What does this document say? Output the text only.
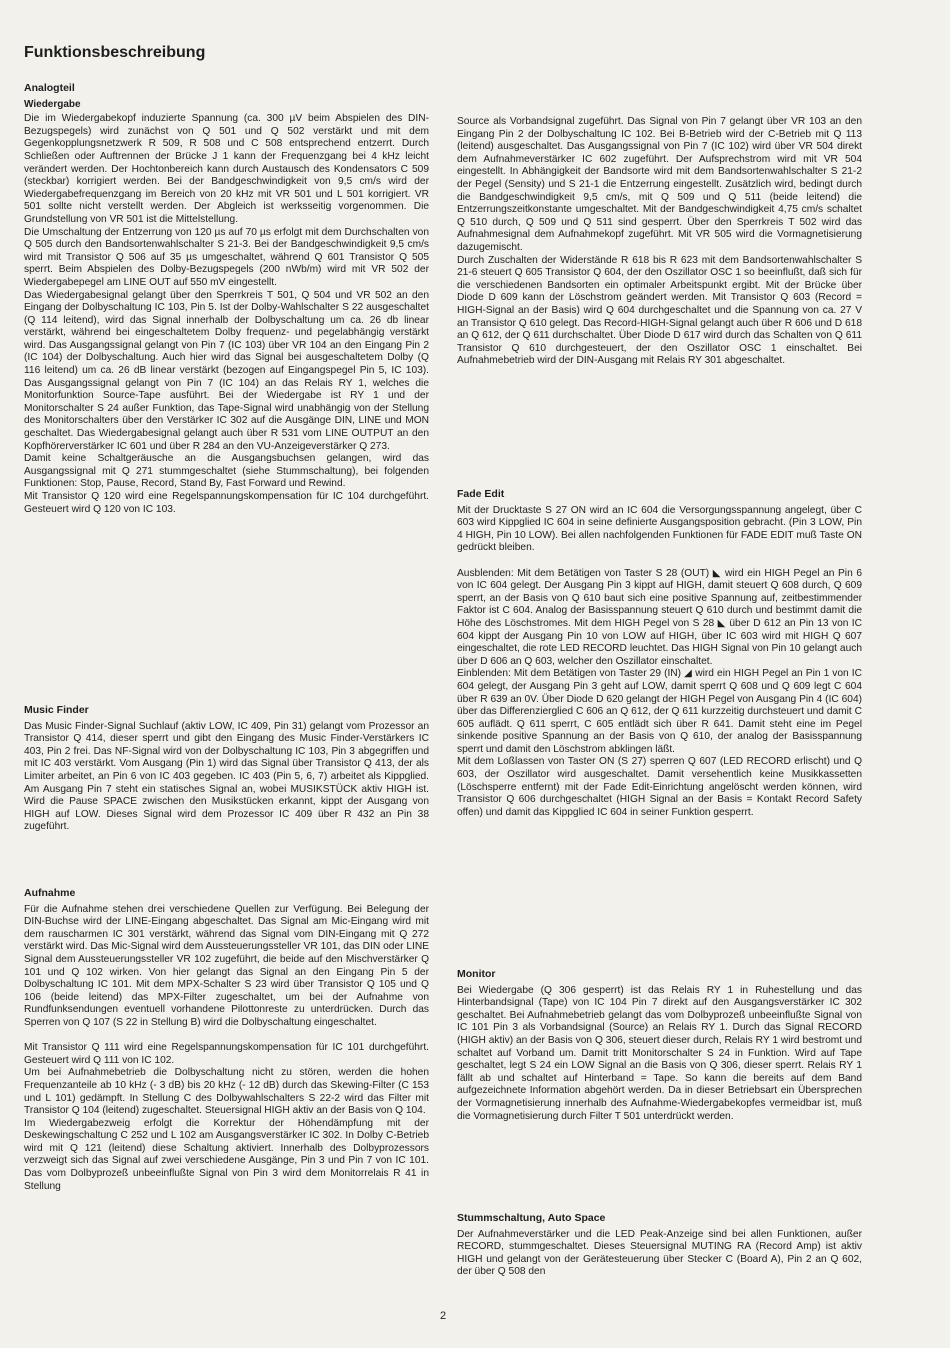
Funktionsbeschreibung
Analogteil
Wiedergabe

Die im Wiedergabekopf induzierte Spannung (ca. 300 µV beim Abspielen des DIN-Bezugspegels) wird zunächst von Q 501 und Q 502 verstärkt und mit dem Gegenkopplungsnetzwerk R 509, R 508 und C 508 entsprechend entzerrt. Durch Schließen oder Auftrennen der Brücke J 1 kann der Frequenzgang bei 4 kHz leicht verändert werden. Der Hochtonbereich kann durch Austausch des Kondensators C 509 (steckbar) korrigiert werden. Bei der Bandgeschwindigkeit von 9,5 cm/s wird der Wiedergabefrequenzgang im Bereich von 20 kHz mit VR 501 und L 501 korrigiert. VR 501 sollte nicht verstellt werden. Der Abgleich ist werksseitig vorgenommen. Die Grundstellung von VR 501 ist die Mittelstellung.
Die Umschaltung der Entzerrung von 120 µs auf 70 µs erfolgt mit dem Durchschalten von Q 505 durch den Bandsortenwahlschalter S 21-3. Bei der Bandgeschwindigkeit 9,5 cm/s wird mit Transistor Q 506 auf 35 µs umgeschaltet, während Q 601 Transistor Q 505 sperrt. Beim Abspielen des Dolby-Bezugspegels (200 nWb/m) wird mit VR 502 der Wiedergabepegel am LINE OUT auf 550 mV eingestellt.
Das Wiedergabesignal gelangt über den Sperrkreis T 501, Q 504 und VR 502 an den Eingang der Dolbyschaltung IC 103, Pin 5. Ist der Dolby-Wahlschalter S 22 ausgeschaltet (Q 114 leitend), wird das Signal innerhalb der Dolbyschaltung um ca. 26 db linear verstärkt, während bei eingeschaltetem Dolby frequenz- und pegelabhängig verstärkt wird. Das Ausgangssignal gelangt von Pin 7 (IC 103) über VR 104 an den Eingang Pin 2 (IC 104) der Dolbyschaltung. Auch hier wird das Signal bei ausgeschaltetem Dolby (Q 116 leitend) um ca. 26 dB linear verstärkt (bezogen auf Eingangspegel Pin 5, IC 103). Das Ausgangssignal gelangt von Pin 7 (IC 104) an das Relais RY 1, welches die Monitorfunktion Source-Tape ausführt. Bei der Wiedergabe ist RY 1 und der Monitorschalter S 24 außer Funktion, das Tape-Signal wird unabhängig von der Stellung des Monitorschalters über den Verstärker IC 302 auf die Ausgänge DIN, LINE und MON geschaltet. Das Wiedergabesignal gelangt auch über R 531 vom LINE OUTPUT an den Kopfhörerverstärker IC 601 und über R 284 an den VU-Anzeigeverstärker Q 273.
Damit keine Schaltgeräusche an die Ausgangsbuchsen gelangen, wird das Ausgangssignal mit Q 271 stummgeschaltet (siehe Stummschaltung), bei folgenden Funktionen: Stop, Pause, Record, Stand By, Fast Forward und Rewind.
Mit Transistor Q 120 wird eine Regelspannungskompensation für IC 104 durchgeführt. Gesteuert wird Q 120 von IC 103.

Music Finder

Das Music Finder-Signal Suchlauf (aktiv LOW, IC 409, Pin 31) gelangt vom Prozessor an Transistor Q 414, dieser sperrt und gibt den Eingang des Music Finder-Verstärkers IC 403, Pin 2 frei. Das NF-Signal wird von der Dolbyschaltung IC 103, Pin 3 abgegriffen und mit IC 403 verstärkt. Vom Ausgang (Pin 1) wird das Signal über Transistor Q 413, der als Limiter arbeitet, an Pin 6 von IC 403 gegeben. IC 403 (Pin 5, 6, 7) arbeitet als Kippglied. Am Ausgang Pin 7 steht ein statisches Signal an, wobei MUSIKSTÜCK aktiv HIGH ist. Wird die Pause SPACE zwischen den Musikstücken erkannt, kippt der Ausgang von HIGH auf LOW. Dieses Signal wird dem Prozessor IC 409 über R 432 an Pin 38 zugeführt.

Aufnahme

Für die Aufnahme stehen drei verschiedene Quellen zur Verfügung. Bei Belegung der DIN-Buchse wird der LINE-Eingang abgeschaltet. Das Signal am Mic-Eingang wird mit dem rauscharmen IC 301 verstärkt, während das Signal vom DIN-Eingang mit Q 272 verstärkt wird. Das Mic-Signal wird dem Aussteuerungssteller VR 101, das DIN oder LINE Signal dem Aussteuerungssteller VR 102 zugeführt, die beide auf den Mischverstärker Q 101 und Q 102 wirken. Von hier gelangt das Signal an den Eingang Pin 5 der Dolbyschaltung IC 101. Mit dem MPX-Schalter S 23 wird über Transistor Q 105 und Q 106 (beide leitend) das MPX-Filter zugeschaltet, um bei der Aufnahme von Rundfunksendungen eventuell vorhandene Pilottonreste zu unterdrücken. Durch das Sperren von Q 107 (S 22 in Stellung B) wird die Dolbyschaltung eingeschaltet.

Mit Transistor Q 111 wird eine Regelspannungskompensation für IC 101 durchgeführt. Gesteuert wird Q 111 von IC 102.
Um bei Aufnahmebetrieb die Dolbyschaltung nicht zu stören, werden die hohen Frequenzanteile ab 10 kHz (- 3 dB) bis 20 kHz (- 12 dB) durch das Skewing-Filter (C 153 und L 101) gedämpft. In Stellung C des Dolbywahlschalters S 22-2 wird das Filter mit Transistor Q 104 (leitend) zugeschaltet. Steuersignal HIGH aktiv an der Basis von Q 104.
Im Wiedergabezweig erfolgt die Korrektur der Höhendämpfung mit der Deskewingschaltung C 252 und L 102 am Ausgangsverstärker IC 302. In Dolby C-Betrieb wird mit Q 121 (leitend) diese Schaltung aktiviert. Innerhalb des Dolbyprozessors verzweigt sich das Signal auf zwei verschiedene Ausgänge, Pin 3 und Pin 7 von IC 101. Das vom Dolbyprozeß unbeeinflußte Signal von Pin 3 wird dem Monitorrelais R 41 in Stellung

Source als Vorbandsignal zugeführt. Das Signal von Pin 7 gelangt über VR 103 an den Eingang Pin 2 der Dolbyschaltung IC 102. Bei B-Betrieb wird der C-Betrieb mit Q 113 (leitend) ausgeschaltet. Das Ausgangssignal von Pin 7 (IC 102) wird über VR 504 direkt dem Aufnahmeverstärker IC 602 zugeführt. Der Aufsprechstrom wird mit VR 504 eingestellt. In Abhängigkeit der Bandsorte wird mit dem Bandsortenwahlschalter S 21-2 der Pegel (Sensity) und S 21-1 die Entzerrung eingestellt. Zusätzlich wird, bedingt durch die Bandgeschwindigkeit 9,5 cm/s, mit Q 509 und Q 511 (beide leitend) die Entzerrungszeitkonstante umgeschaltet. Mit der Bandgeschwindigkeit 4,75 cm/s schaltet Q 510 durch, Q 509 und Q 511 sind gesperrt. Über den Sperrkreis T 502 wird das Aufnahmesignal dem Aufnahmekopf zugeführt. Mit VR 505 wird die Vormagnetisierung dazugemischt.
Durch Zuschalten der Widerstände R 618 bis R 623 mit dem Bandsortenwahlschalter S 21-6 steuert Q 605 Transistor Q 604, der den Oszillator OSC 1 so beeinflußt, daß sich für die verschiedenen Bandsorten ein optimaler Arbeitspunkt ergibt. Mit der Brücke über Diode D 609 kann der Löschstrom geändert werden. Mit Transistor Q 603 (Record = HIGH-Signal an der Basis) wird Q 604 durchgeschaltet und die Spannung von ca. 27 V an Transistor Q 610 gelegt. Das Record-HIGH-Signal gelangt auch über R 606 und D 618 an Q 612, der Q 611 durchschaltet. Über Diode D 617 wird durch das Schalten von Q 611 Transistor Q 610 durchgesteuert, der den Oszillator OSC 1 einschaltet. Bei Aufnahmebetrieb wird der DIN-Ausgang mit Relais RY 301 abgeschaltet.

Fade Edit

Mit der Drucktaste S 27 ON wird an IC 604 die Versorgungsspannung angelegt, über C 603 wird Kippglied IC 604 in seine definierte Ausgangsposition gebracht. (Pin 3 LOW, Pin 4 HIGH, Pin 10 LOW). Bei allen nachfolgenden Funktionen für FADE EDIT muß Taste ON gedrückt bleiben.

Ausblenden: Mit dem Betätigen von Taster S 28 (OUT) ◣ wird ein HIGH Pegel an Pin 6 von IC 604 gelegt. Der Ausgang Pin 3 kippt auf HIGH, damit steuert Q 608 durch, Q 609 sperrt, an der Basis von Q 610 baut sich eine positive Spannung auf, zeitbestimmender Faktor ist C 604. Analog der Basisspannung steuert Q 610 durch und bestimmt damit die Höhe des Löschstromes. Mit dem HIGH Pegel von S 28 ◣ über D 612 an Pin 13 von IC 604 kippt der Ausgang Pin 10 von LOW auf HIGH, über IC 603 wird mit HIGH Q 607 eingeschaltet, die rote LED RECORD leuchtet. Das HIGH Signal von Pin 10 gelangt auch über D 606 an Q 603, welcher den Oszillator einschaltet.
Einblenden: Mit dem Betätigen von Taster 29 (IN) ◢ wird ein HIGH Pegel an Pin 1 von IC 604 gelegt, der Ausgang Pin 3 geht auf LOW, damit sperrt Q 608 und Q 609 legt C 604 über R 639 an 0V. Über Diode D 620 gelangt der HIGH Pegel von Ausgang Pin 4 (IC 604) über das Differenzierglied C 606 an Q 612, der Q 611 kurzzeitig durchsteuert und damit C 605 auflädt. Q 611 sperrt, C 605 entlädt sich über R 641. Damit steht eine im Pegel sinkende positive Spannung an der Basis von Q 610, der analog der Basisspannung sperrt und damit den Löschstrom abklingen läßt.
Mit dem Loßlassen von Taster ON (S 27) sperren Q 607 (LED RECORD erlischt) und Q 603, der Oszillator wird ausgeschaltet. Damit versehentlich keine Musikkassetten (Löschsperre entfernt) mit der Fade Edit-Einrichtung angelöscht werden können, wird Transistor Q 606 durchgeschaltet (HIGH Signal an der Basis = Kontakt Record Safety offen) und damit das Kippglied IC 604 in seiner Funktion gesperrt.

Monitor

Bei Wiedergabe (Q 306 gesperrt) ist das Relais RY 1 in Ruhestellung und das Hinterbandsignal (Tape) von IC 104 Pin 7 direkt auf den Ausgangsverstärker IC 302 geschaltet. Bei Aufnahmebetrieb gelangt das vom Dolbyprozeß unbeeinflußte Signal von IC 101 Pin 3 als Vorbandsignal (Source) an Relais RY 1. Durch das Signal RECORD (HIGH aktiv) an der Basis von Q 306, steuert dieser durch, Relais RY 1 wird bestromt und schaltet auf Vorband um. Damit tritt Monitorschalter S 24 in Funktion. Wird auf Tape geschaltet, legt S 24 ein LOW Signal an die Basis von Q 306, dieser sperrt. Relais RY 1 fällt ab und schaltet auf Hinterband = Tape. So kann die bereits auf dem Band aufgezeichnete Information abgehört werden. Da in dieser Betriebsart ein Übersprechen der Vormagnetisierung innerhalb des Aufnahme-Wiedergabekopfes vermeidbar ist, muß die Vormagnetisierung durch Filter T 501 unterdrückt werden.

Stummschaltung, Auto Space

Der Aufnahmeverstärker und die LED Peak-Anzeige sind bei allen Funktionen, außer RECORD, stummgeschaltet. Dieses Steuersignal MUTING RA (Record Amp) ist aktiv HIGH und gelangt von der Gerätesteuerung über Stecker C (Board A), Pin 2 an Q 602, der über Q 508 den

2
